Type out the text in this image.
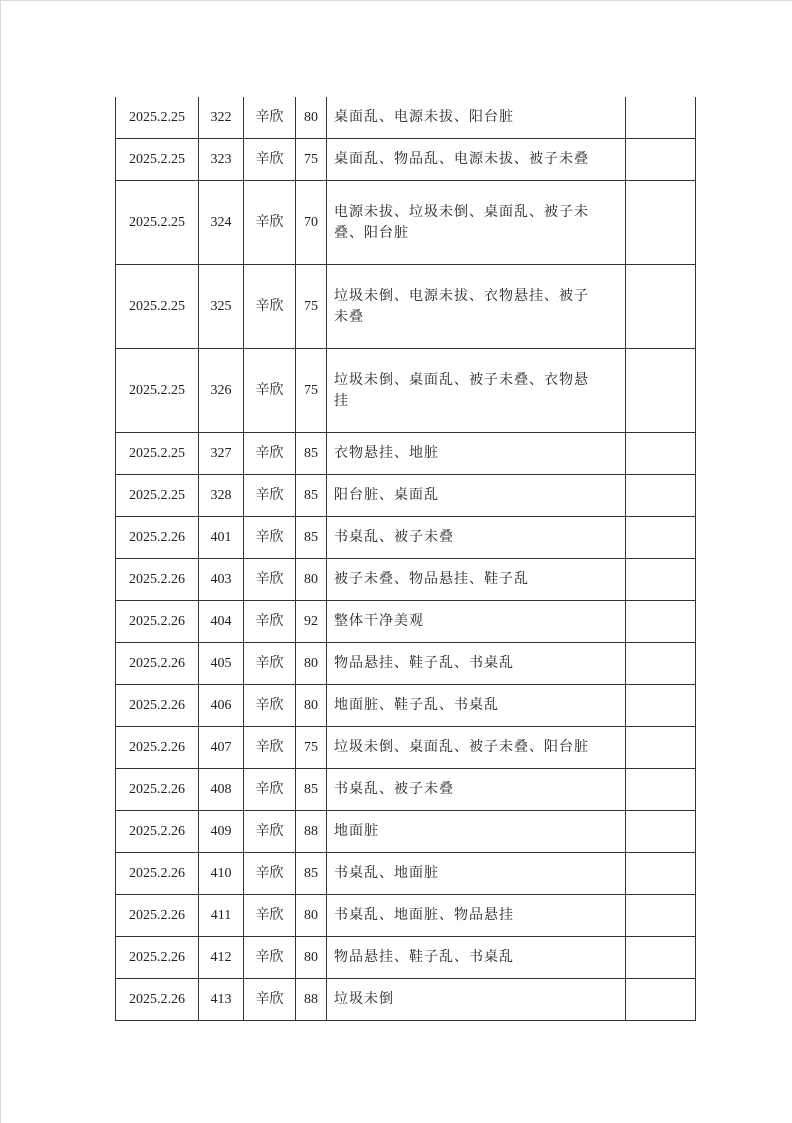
2025.2.25	322	辛欣	80	桌面乱、电源未拔、阳台脏	

2025.2.25	323	辛欣	75	桌面乱、物品乱、电源未拔、被子未叠	

2025.2.25	324	辛欣	70	电源未拔、垃圾未倒、桌面乱、被子未
叠、阳台脏	

2025.2.25	325	辛欣	75	垃圾未倒、电源未拔、衣物悬挂、被子
未叠	

2025.2.25	326	辛欣	75	垃圾未倒、桌面乱、被子未叠、衣物悬
挂	

2025.2.25	327	辛欣	85	衣物悬挂、地脏	

2025.2.25	328	辛欣	85	阳台脏、桌面乱	

2025.2.26	401	辛欣	85	书桌乱、被子未叠	

2025.2.26	403	辛欣	80	被子未叠、物品悬挂、鞋子乱	

2025.2.26	404	辛欣	92	整体干净美观	

2025.2.26	405	辛欣	80	物品悬挂、鞋子乱、书桌乱	

2025.2.26	406	辛欣	80	地面脏、鞋子乱、书桌乱	

2025.2.26	407	辛欣	75	垃圾未倒、桌面乱、被子未叠、阳台脏	

2025.2.26	408	辛欣	85	书桌乱、被子未叠	

2025.2.26	409	辛欣	88	地面脏	

2025.2.26	410	辛欣	85	书桌乱、地面脏	

2025.2.26	411	辛欣	80	书桌乱、地面脏、物品悬挂	

2025.2.26	412	辛欣	80	物品悬挂、鞋子乱、书桌乱	

2025.2.26	413	辛欣	88	垃圾未倒	
